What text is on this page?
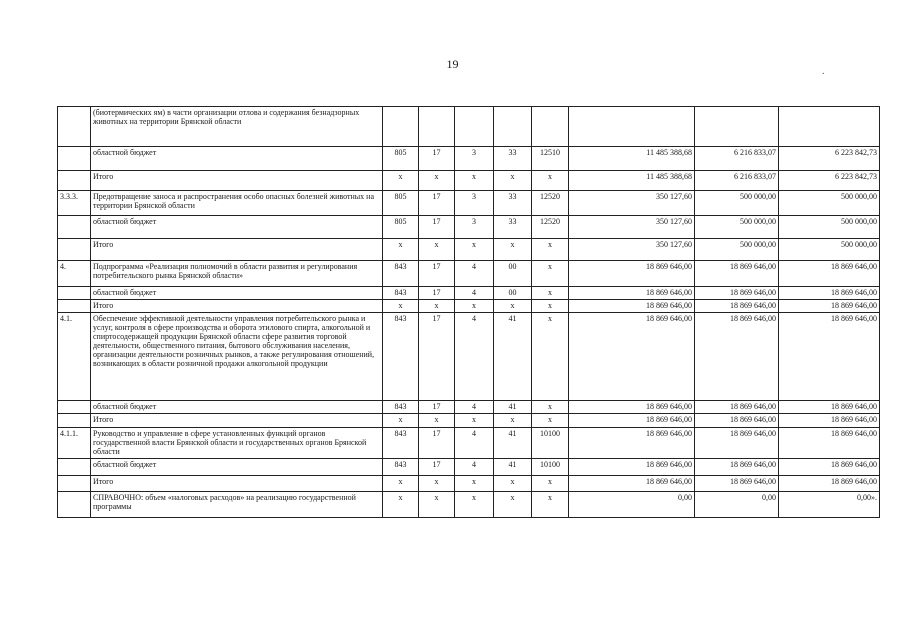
19
.
	(биотермических ям) в части организации отлова и содержания безнадзорных животных на территории Брянской области								
	областной бюджет	805	17	3	33	12510	11 485 388,68	6 216 833,07	6 223 842,73
	Итого	х	х	х	х	х	11 485 388,68	6 216 833,07	6 223 842,73
3.3.3.	Предотвращение заноса и распространения особо опасных болезней животных на территории Брянской области	805	17	3	33	12520	350 127,60	500 000,00	500 000,00
	областной бюджет	805	17	3	33	12520	350 127,60	500 000,00	500 000,00
	Итого	х	х	х	х	х	350 127,60	500 000,00	500 000,00
4.	Подпрограмма «Реализация полномочий в области развития и регулирования потребительского рынка Брянской области»	843	17	4	00	х	18 869 646,00	18 869 646,00	18 869 646,00
	областной бюджет	843	17	4	00	х	18 869 646,00	18 869 646,00	18 869 646,00
	Итого	х	х	х	х	х	18 869 646,00	18 869 646,00	18 869 646,00
4.1.	Обеспечение эффективной деятельности управления потребительского рынка и услуг, контроля в сфере производства и оборота этилового спирта, алкогольной и спиртосодержащей продукции Брянской области сфере развития торговой деятельности, общественного питания, бытового обслуживания населения, организации деятельности розничных рынков, а также регулирования отношений, возникающих в области розничной продажи алкогольной продукции	843	17	4	41	х	18 869 646,00	18 869 646,00	18 869 646,00
	областной бюджет	843	17	4	41	х	18 869 646,00	18 869 646,00	18 869 646,00
	Итого	х	х	х	х	х	18 869 646,00	18 869 646,00	18 869 646,00
4.1.1.	Руководство и управление в сфере установленных функций органов государственной власти Брянской области и государственных органов Брянской области	843	17	4	41	10100	18 869 646,00	18 869 646,00	18 869 646,00
	областной бюджет	843	17	4	41	10100	18 869 646,00	18 869 646,00	18 869 646,00
	Итого	х	х	х	х	х	18 869 646,00	18 869 646,00	18 869 646,00
	СПРАВОЧНО: объем «налоговых расходов» на реализацию государственной программы	х	х	х	х	х	0,00	0,00	0,00».
